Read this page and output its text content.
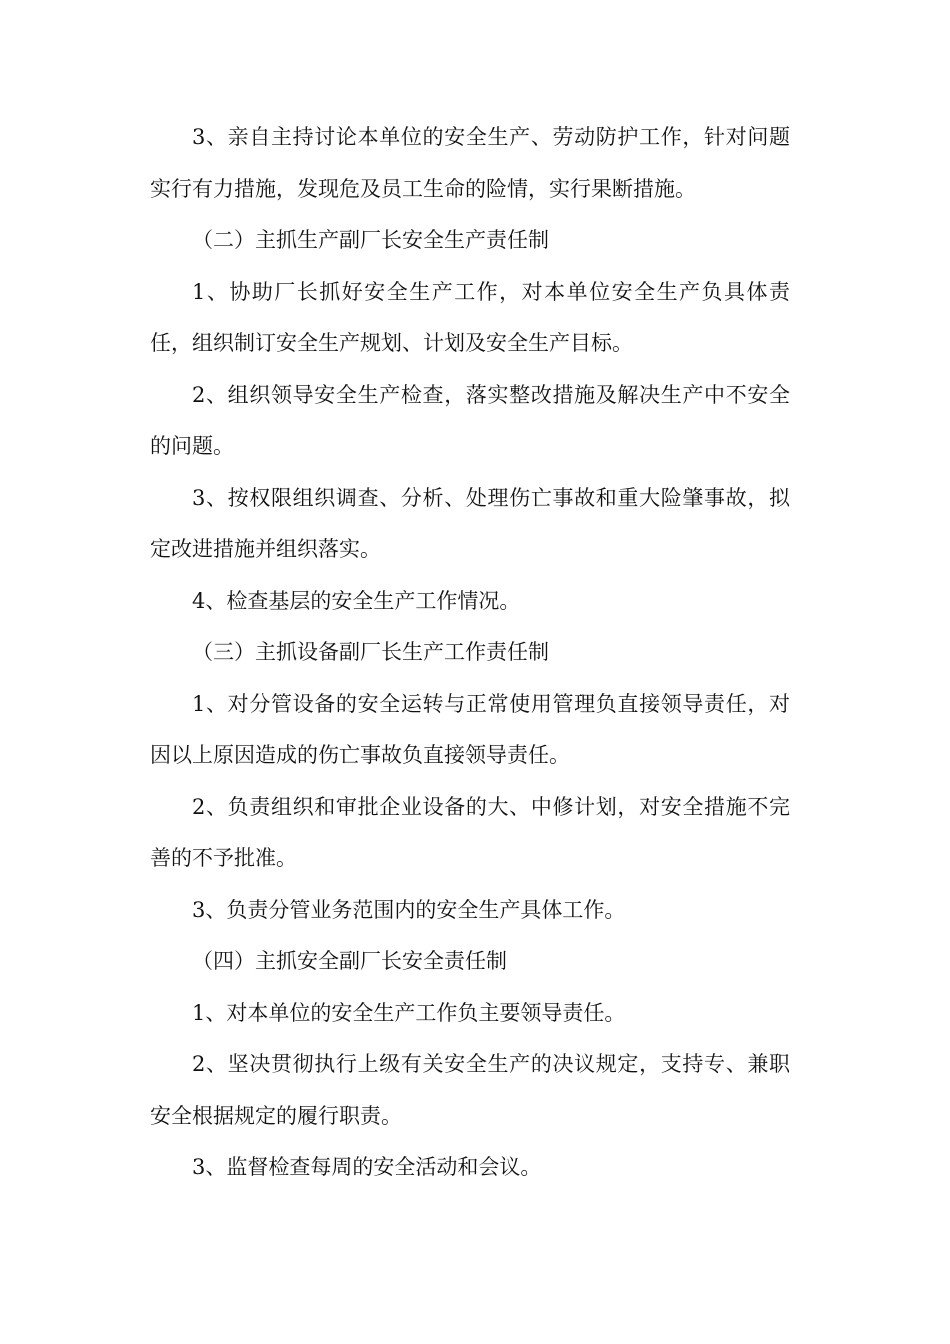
3、亲自主持讨论本单位的安全生产、劳动防护工作，针对问题实行有力措施，发现危及员工生命的险情，实行果断措施。

（二）主抓生产副厂长安全生产责任制

1、协助厂长抓好安全生产工作，对本单位安全生产负具体责任，组织制订安全生产规划、计划及安全生产目标。

2、组织领导安全生产检查，落实整改措施及解决生产中不安全的问题。

3、按权限组织调查、分析、处理伤亡事故和重大险肇事故，拟定改进措施并组织落实。

4、检查基层的安全生产工作情况。

（三）主抓设备副厂长生产工作责任制

1、对分管设备的安全运转与正常使用管理负直接领导责任，对因以上原因造成的伤亡事故负直接领导责任。

2、负责组织和审批企业设备的大、中修计划，对安全措施不完善的不予批准。

3、负责分管业务范围内的安全生产具体工作。

（四）主抓安全副厂长安全责任制

1、对本单位的安全生产工作负主要领导责任。

2、坚决贯彻执行上级有关安全生产的决议规定，支持专、兼职安全根据规定的履行职责。

3、监督检查每周的安全活动和会议。
